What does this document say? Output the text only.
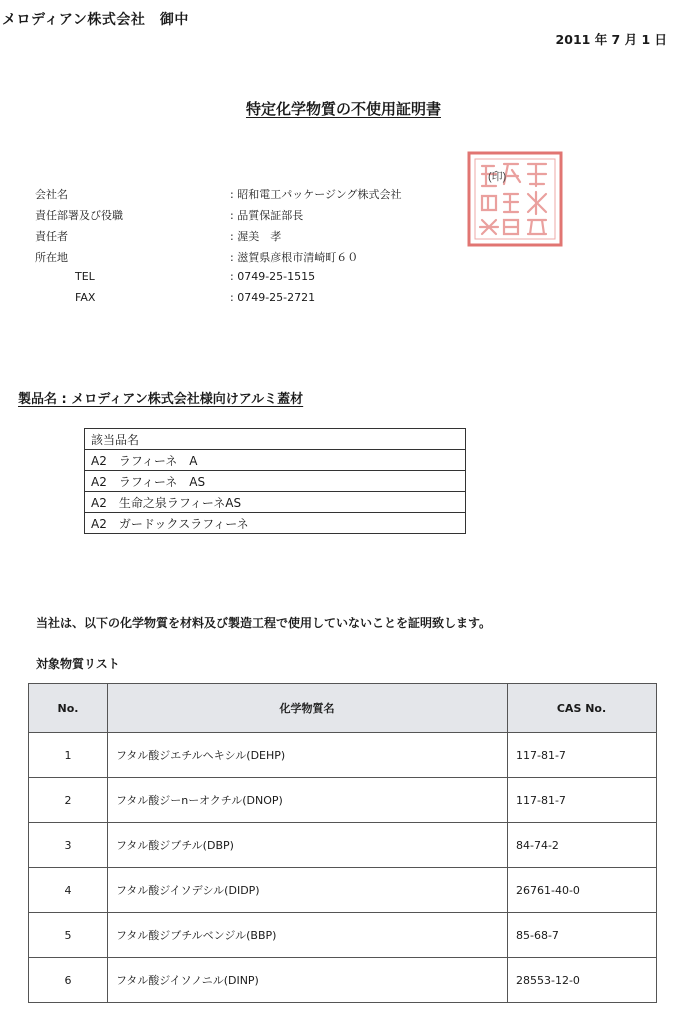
メロディアン株式会社　御中
2011 年 7 月 1 日
特定化学物質の不使用証明書
会社名	: 昭和電工パッケージング株式会社
責任部署及び役職	: 品質保証部長
責任者	: 渥美　孝
所在地	: 滋賀県彦根市清崎町６０
TEL	: 0749-25-1515
FAX	: 0749-25-2721
(印)
製品名 : メロディアン株式会社様向けアルミ蓋材
該当品名
A2　ラフィーネ　A
A2　ラフィーネ　AS
A2　生命之泉ラフィーネAS
A2　ガードックスラフィーネ
当社は、以下の化学物質を材料及び製造工程で使用していないことを証明致します。
対象物質リスト
No.	化学物質名	CAS No.
1	フタル酸ジエチルヘキシル(DEHP)	117-81-7
2	フタル酸ジーnーオクチル(DNOP)	117-81-7
3	フタル酸ジブチル(DBP)	84-74-2
4	フタル酸ジイソデシル(DIDP)	26761-40-0
5	フタル酸ジブチルベンジル(BBP)	85-68-7
6	フタル酸ジイソノニル(DINP)	28553-12-0
